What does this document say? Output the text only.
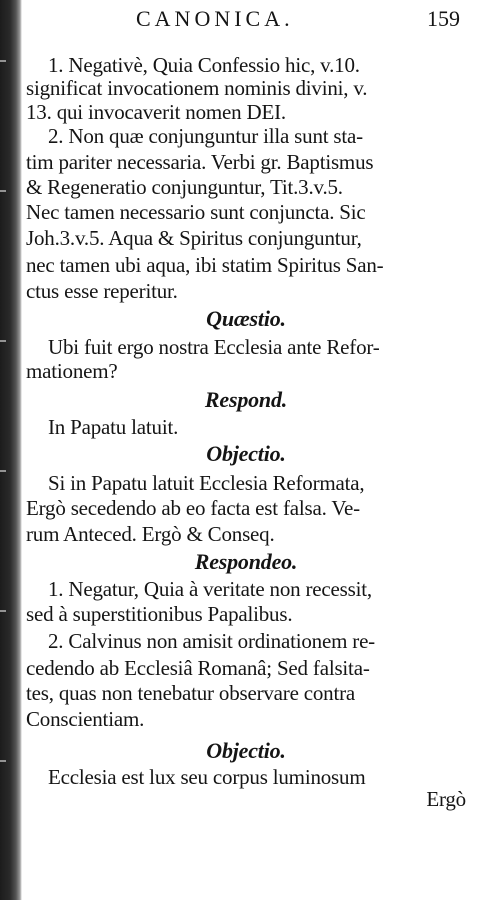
CANONICA.	159
1. Negativè, Quia Confessio hic, v.10.
significat invocationem nominis divini, v.
13. qui invocaverit nomen DEI.
2. Non quæ conjunguntur illa sunt sta-
tim pariter necessaria. Verbi gr. Baptismus
& Regeneratio conjunguntur, Tit.3.v.5.
Nec tamen necessario sunt conjuncta. Sic
Joh.3.v.5. Aqua & Spiritus conjunguntur,
nec tamen ubi aqua, ibi statim Spiritus San-
ctus esse reperitur.
Quæstio.
Ubi fuit ergo nostra Ecclesia ante Refor-
mationem?
Respond.
In Papatu latuit.
Objectio.
Si in Papatu latuit Ecclesia Reformata,
Ergò secedendo ab eo facta est falsa. Ve-
rum Anteced. Ergò & Conseq.
Respondeo.
1. Negatur, Quia à veritate non recessit,
sed à superstitionibus Papalibus.
2. Calvinus non amisit ordinationem re-
cedendo ab Ecclesiâ Romanâ; Sed falsita-
tes, quas non tenebatur observare contra
Conscientiam.
Objectio.
Ecclesia est lux seu corpus luminosum
Ergò
